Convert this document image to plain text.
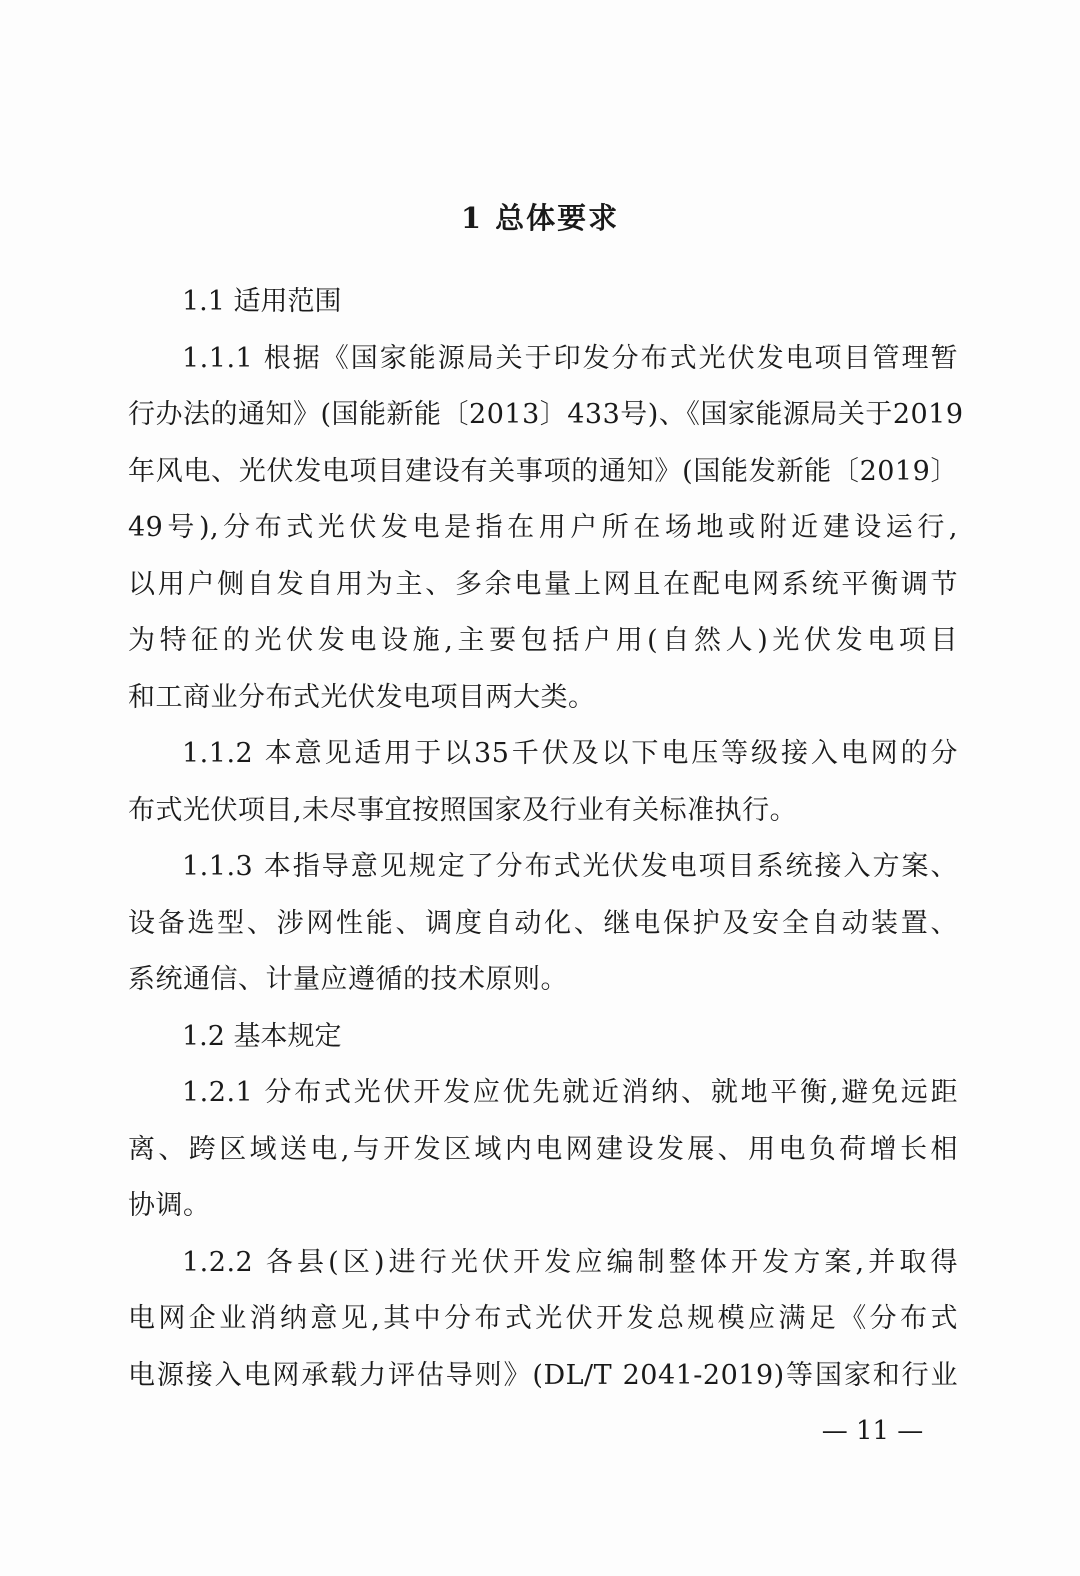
1 总体要求
1.1 适用范围
1.1.1 根据《国家能源局关于印发分布式光伏发电项目管理暂
行办法的通知》(国能新能〔2013〕433号)、《国家能源局关于2019
年风电、光伏发电项目建设有关事项的通知》(国能发新能〔2019〕
49号),分布式光伏发电是指在用户所在场地或附近建设运行,
以用户侧自发自用为主、多余电量上网且在配电网系统平衡调节
为特征的光伏发电设施,主要包括户用(自然人)光伏发电项目
和工商业分布式光伏发电项目两大类。
1.1.2 本意见适用于以35千伏及以下电压等级接入电网的分
布式光伏项目,未尽事宜按照国家及行业有关标准执行。
1.1.3 本指导意见规定了分布式光伏发电项目系统接入方案、
设备选型、涉网性能、调度自动化、继电保护及安全自动装置、
系统通信、计量应遵循的技术原则。
1.2 基本规定
1.2.1 分布式光伏开发应优先就近消纳、就地平衡,避免远距
离、跨区域送电,与开发区域内电网建设发展、用电负荷增长相
协调。
1.2.2 各县(区)进行光伏开发应编制整体开发方案,并取得
电网企业消纳意见,其中分布式光伏开发总规模应满足《分布式
电源接入电网承载力评估导则》(DL/T 2041-2019)等国家和行业
— 11 —
